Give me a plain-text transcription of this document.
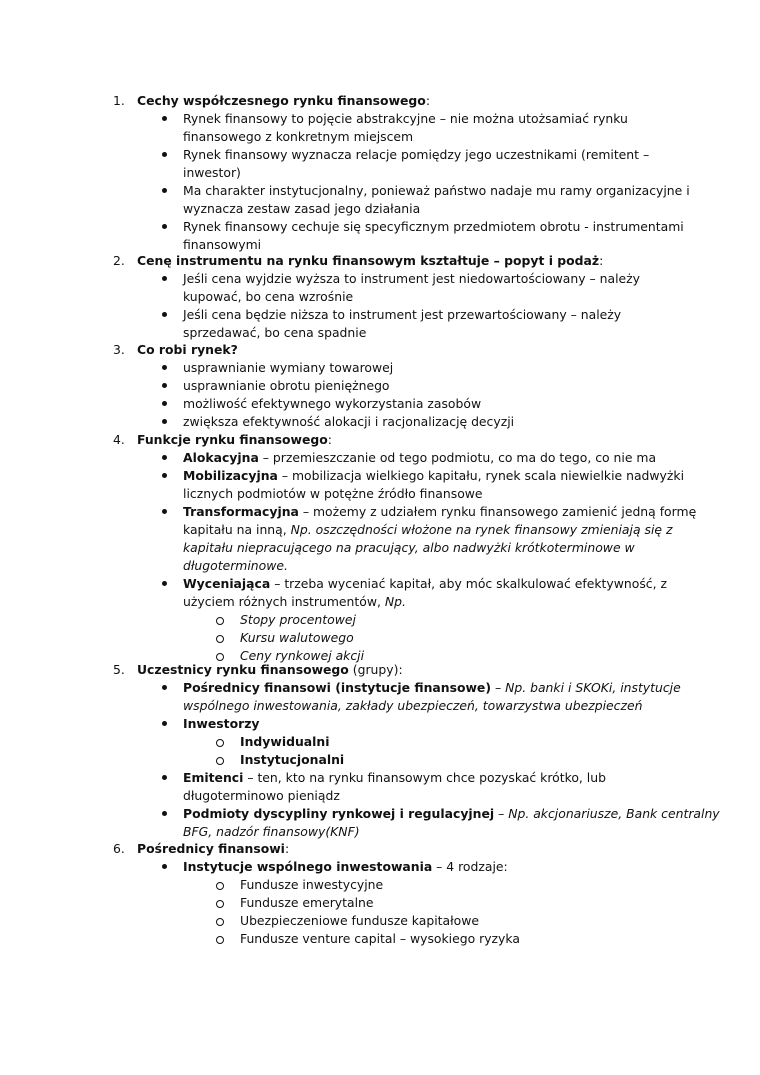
1. Cechy współczesnego rynku finansowego:
Rynek finansowy to pojęcie abstrakcyjne – nie można utożsamiać rynku
finansowego z konkretnym miejscem
Rynek finansowy wyznacza relacje pomiędzy jego uczestnikami (remitent –
inwestor)
Ma charakter instytucjonalny, ponieważ państwo nadaje mu ramy organizacyjne i
wyznacza zestaw zasad jego działania
Rynek finansowy cechuje się specyficznym przedmiotem obrotu - instrumentami
finansowymi
2. Cenę instrumentu na rynku finansowym kształtuje – popyt i podaż:
Jeśli cena wyjdzie wyższa to instrument jest niedowartościowany – należy
kupować, bo cena wzrośnie
Jeśli cena będzie niższa to instrument jest przewartościowany – należy
sprzedawać, bo cena spadnie
3. Co robi rynek?
usprawnianie wymiany towarowej
usprawnianie obrotu pieniężnego
możliwość efektywnego wykorzystania zasobów
zwiększa efektywność alokacji i racjonalizację decyzji
4. Funkcje rynku finansowego:
Alokacyjna – przemieszczanie od tego podmiotu, co ma do tego, co nie ma
Mobilizacyjna – mobilizacja wielkiego kapitału, rynek scala niewielkie nadwyżki
licznych podmiotów w potężne źródło finansowe
Transformacyjna – możemy z udziałem rynku finansowego zamienić jedną formę
kapitału na inną, Np. oszczędności włożone na rynek finansowy zmieniają się z
kapitału niepracującego na pracujący, albo nadwyżki krótkoterminowe w
długoterminowe.
Wyceniająca – trzeba wyceniać kapitał, aby móc skalkulować efektywność, z
użyciem różnych instrumentów, Np.
Stopy procentowej
Kursu walutowego
Ceny rynkowej akcji
5. Uczestnicy rynku finansowego (grupy):
Pośrednicy finansowi (instytucje finansowe) – Np. banki i SKOKi, instytucje
wspólnego inwestowania, zakłady ubezpieczeń, towarzystwa ubezpieczeń
Inwestorzy
Indywidualni
Instytucjonalni
Emitenci – ten, kto na rynku finansowym chce pozyskać krótko, lub
długoterminowo pieniądz
Podmioty dyscypliny rynkowej i regulacyjnej – Np. akcjonariusze, Bank centralny
BFG, nadzór finansowy(KNF)
6. Pośrednicy finansowi:
Instytucje wspólnego inwestowania – 4 rodzaje:
Fundusze inwestycyjne
Fundusze emerytalne
Ubezpieczeniowe fundusze kapitałowe
Fundusze venture capital – wysokiego ryzyka
